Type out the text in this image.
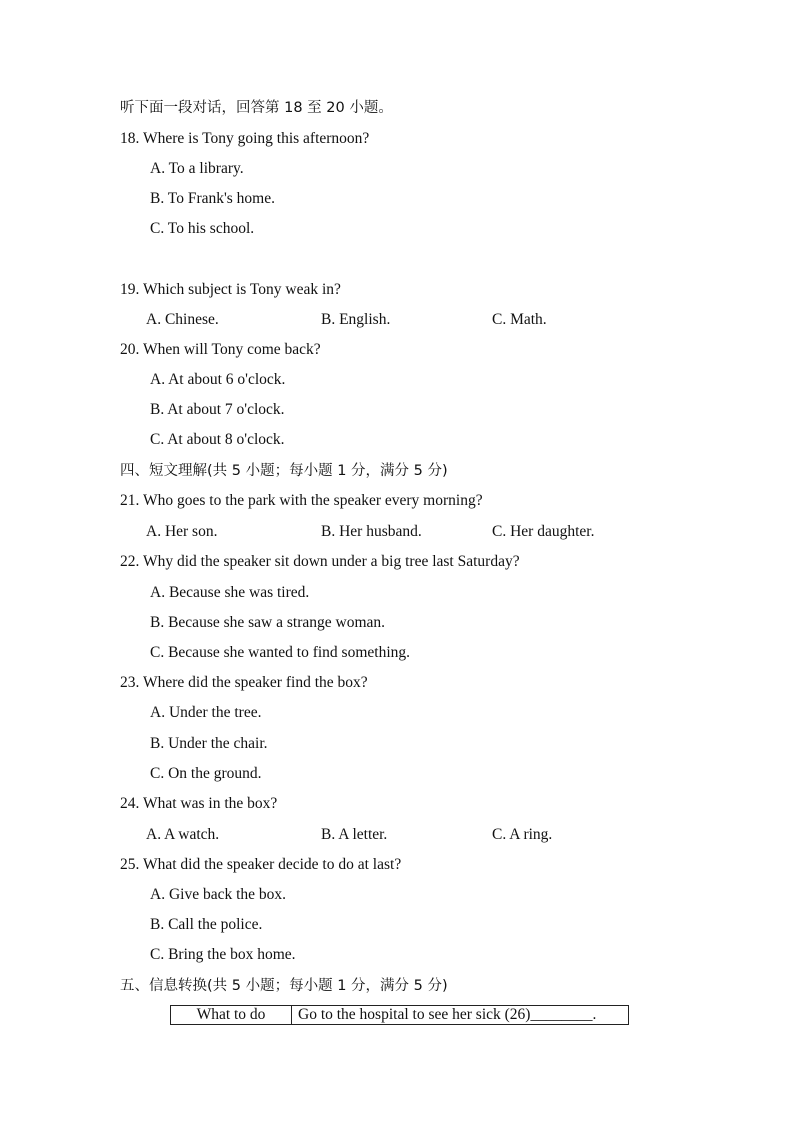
听下面一段对话，回答第 18 至 20 小题。
18. Where is Tony going this afternoon?
A. To a library.
B. To Frank's home.
C. To his school.
19. Which subject is Tony weak in?
A. Chinese.	B. English.	C. Math.
20. When will Tony come back?
A. At about 6 o'clock.
B. At about 7 o'clock.
C. At about 8 o'clock.
四、短文理解(共 5 小题；每小题 1 分，满分 5 分)
21. Who goes to the park with the speaker every morning?
A. Her son.	B. Her husband.	C. Her daughter.
22. Why did the speaker sit down under a big tree last Saturday?
A. Because she was tired.
B. Because she saw a strange woman.
C. Because she wanted to find something.
23. Where did the speaker find the box?
A. Under the tree.
B. Under the chair.
C. On the ground.
24. What was in the box?
A. A watch.	B. A letter.	C. A ring.
25. What did the speaker decide to do at last?
A. Give back the box.
B. Call the police.
C. Bring the box home.
五、信息转换(共 5 小题；每小题 1 分，满分 5 分)
What to do	Go to the hospital to see her sick (26)________.
